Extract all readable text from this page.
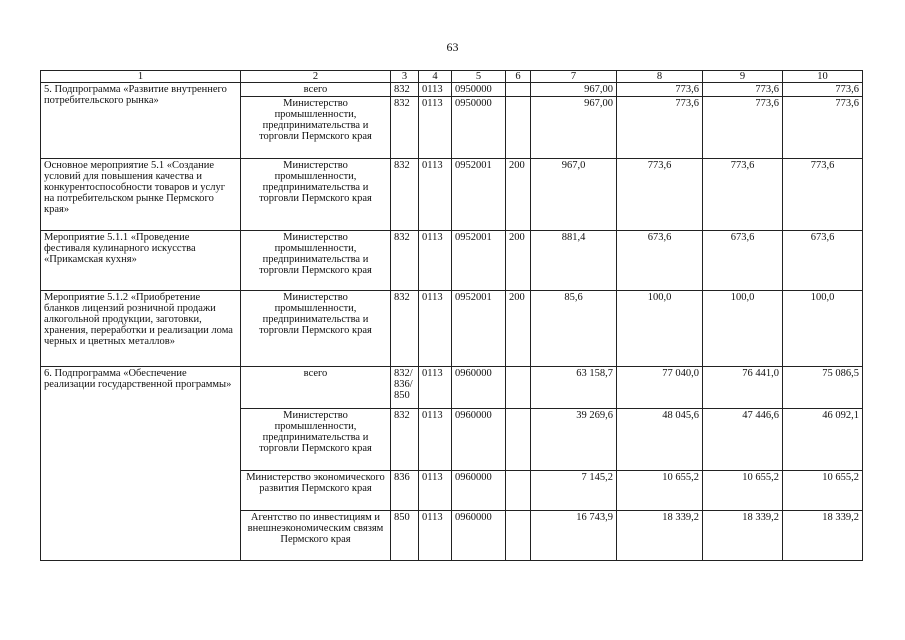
63
1	2	3	4	5	6	7	8	9	10
5. Подпрограмма «Развитие внутреннего потребительского рынка»	всего	832	0113	0950000		967,00	773,6	773,6	773,6
	Министерство промышленности, предпринимательства и торговли Пермского края	832	0113	0950000		967,00	773,6	773,6	773,6
Основное мероприятие 5.1 «Создание условий для повышения качества и конкурентоспособности товаров и услуг на потребительском рынке Пермского края»	Министерство промышленности, предпринимательства и торговли Пермского края	832	0113	0952001	200	967,0	773,6	773,6	773,6
Мероприятие 5.1.1 «Проведение фестиваля кулинарного искусства «Прикамская кухня»	Министерство промышленности, предпринимательства и торговли Пермского края	832	0113	0952001	200	881,4	673,6	673,6	673,6
Мероприятие 5.1.2 «Приобретение бланков лицензий розничной продажи алкогольной продукции, заготовки, хранения, переработки и реализации лома черных и цветных металлов»	Министерство промышленности, предпринимательства и торговли Пермского края	832	0113	0952001	200	85,6	100,0	100,0	100,0
6. Подпрограмма «Обеспечение реализации государственной программы»	всего	832/ 836/ 850	0113	0960000		63 158,7	77 040,0	76 441,0	75 086,5
	Министерство промышленности, предпринимательства и торговли Пермского края	832	0113	0960000		39 269,6	48 045,6	47 446,6	46 092,1
	Министерство экономического развития Пермского края	836	0113	0960000		7 145,2	10 655,2	10 655,2	10 655,2
	Агентство по инвестициям и внешнеэкономическим связям Пермского края	850	0113	0960000		16 743,9	18 339,2	18 339,2	18 339,2
